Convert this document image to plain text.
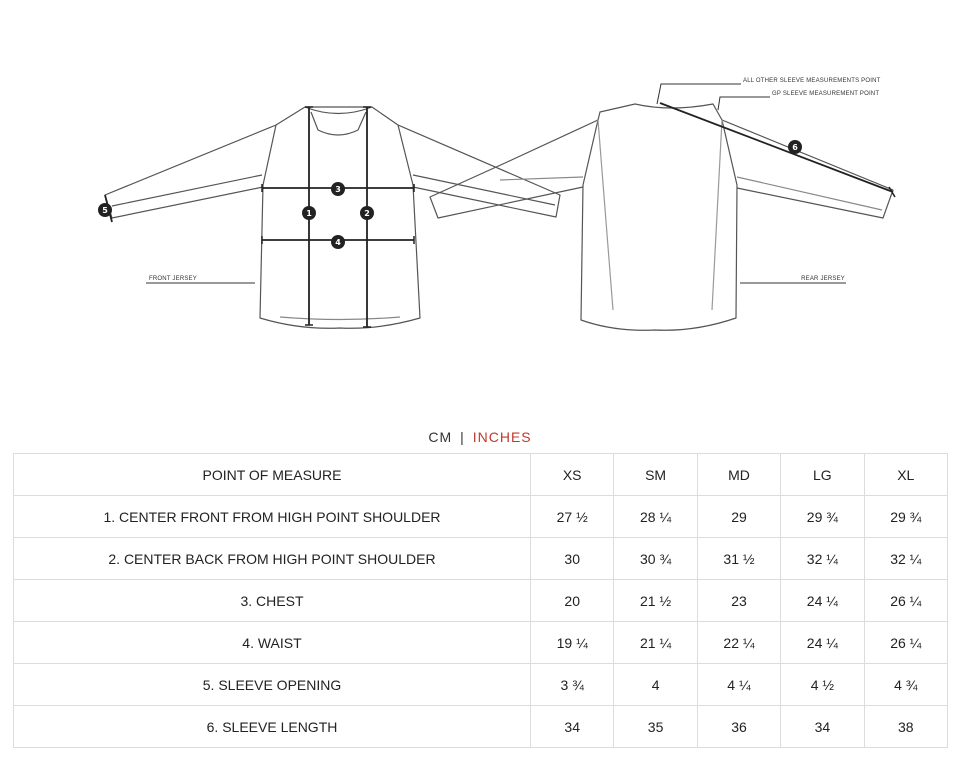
1	2
3
4
5
6
ALL OTHER SLEEVE MEASUREMENTS POINT
GP SLEEVE MEASUREMENT POINT
FRONT JERSEY	REAR JERSEY
CM | INCHES
POINT OF MEASURE	XS	SM	MD	LG	XL
1. CENTER FRONT FROM HIGH POINT SHOULDER	27 ½	28 ¼	29	29 ¾	29 ¾
2. CENTER BACK FROM HIGH POINT SHOULDER	30	30 ¾	31 ½	32 ¼	32 ¼
3. CHEST	20	21 ½	23	24 ¼	26 ¼
4. WAIST	19 ¼	21 ¼	22 ¼	24 ¼	26 ¼
5. SLEEVE OPENING	3 ¾	4	4 ¼	4 ½	4 ¾
6. SLEEVE LENGTH	34	35	36	34	38
